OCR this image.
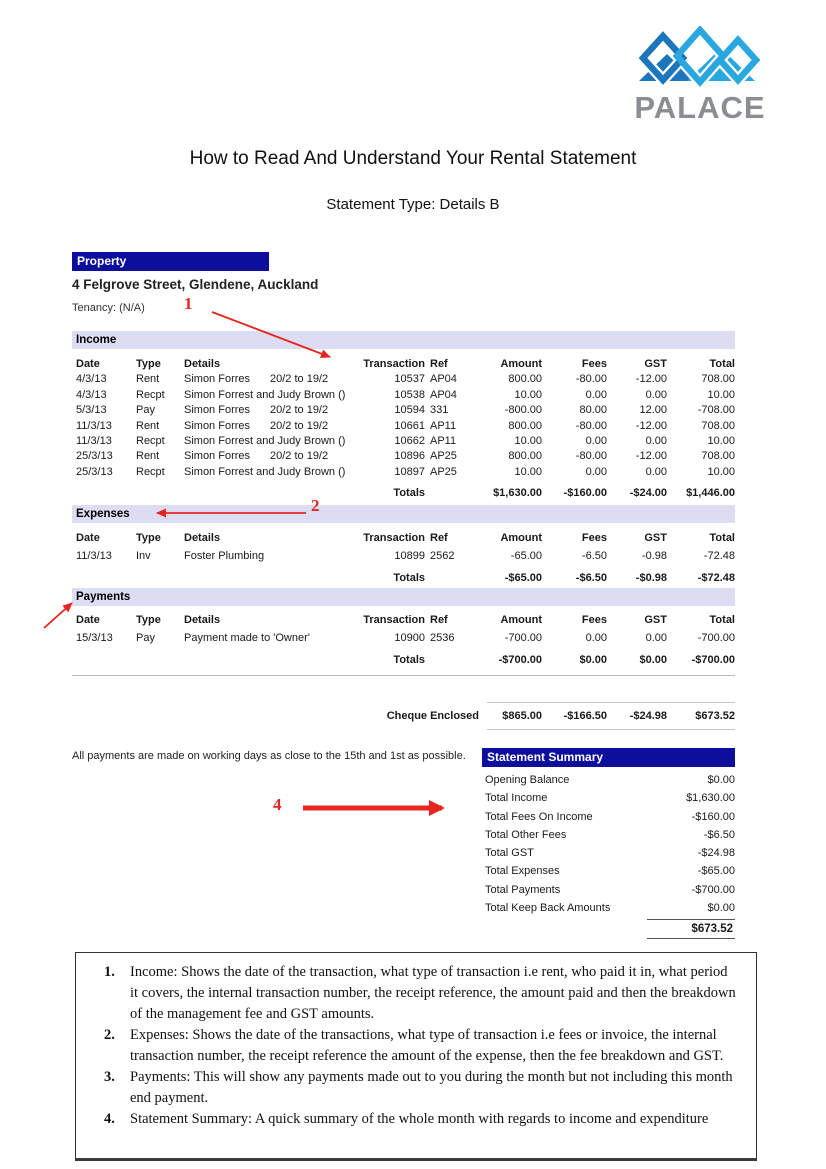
PALACE
How to Read And Understand Your Rental Statement
Statement Type: Details B
Property
4 Felgrove Street, Glendene, Auckland
Tenancy: (N/A)
Income
Date	Type	Details	Transaction Ref	Amount	Fees	GST	Total
4/3/13	Rent	Simon Forres 20/2 to 19/2	10537 AP04	800.00	-80.00	-12.00	708.00
4/3/13	Recpt	Simon Forrest and Judy Brown ()	10538 AP04	10.00	0.00	0.00	10.00
5/3/13	Pay	Simon Forres 20/2 to 19/2	10594 331	-800.00	80.00	12.00	-708.00
11/3/13	Rent	Simon Forres 20/2 to 19/2	10661 AP11	800.00	-80.00	-12.00	708.00
11/3/13	Recpt	Simon Forrest and Judy Brown ()	10662 AP11	10.00	0.00	0.00	10.00
25/3/13	Rent	Simon Forres 20/2 to 19/2	10896 AP25	800.00	-80.00	-12.00	708.00
25/3/13	Recpt	Simon Forrest and Judy Brown ()	10897 AP25	10.00	0.00	0.00	10.00
Totals	$1,630.00	-$160.00	-$24.00	$1,446.00
Expenses
Date	Type	Details	Transaction Ref	Amount	Fees	GST	Total
11/3/13	Inv	Foster Plumbing	10899 2562	-65.00	-6.50	-0.98	-72.48
Totals	-$65.00	-$6.50	-$0.98	-$72.48
Payments
Date	Type	Details	Transaction Ref	Amount	Fees	GST	Total
15/3/13	Pay	Payment made to 'Owner'	10900 2536	-700.00	0.00	0.00	-700.00
Totals	-$700.00	$0.00	$0.00	-$700.00
Cheque Enclosed	$865.00	-$166.50	-$24.98	$673.52
All payments are made on working days as close to the 15th and 1st as possible.	Statement Summary
Opening Balance	$0.00
Total Income	$1,630.00
Total Fees On Income	-$160.00
Total Other Fees	-$6.50
Total GST	-$24.98
Total Expenses	-$65.00
Total Payments	-$700.00
Total Keep Back Amounts	$0.00
$673.52
1
2
4
1.	Income: Shows the date of the transaction, what type of transaction i.e rent, who paid it in, what period it covers, the internal transaction number, the receipt reference, the amount paid and then the breakdown of the management fee and GST amounts.
2.	Expenses: Shows the date of the transactions, what type of transaction i.e fees or invoice, the internal transaction number, the receipt reference the amount of the expense, then the fee breakdown and GST.
3.	Payments: This will show any payments made out to you during the month but not including this month end payment.
4.	Statement Summary: A quick summary of the whole month with regards to income and expenditure
